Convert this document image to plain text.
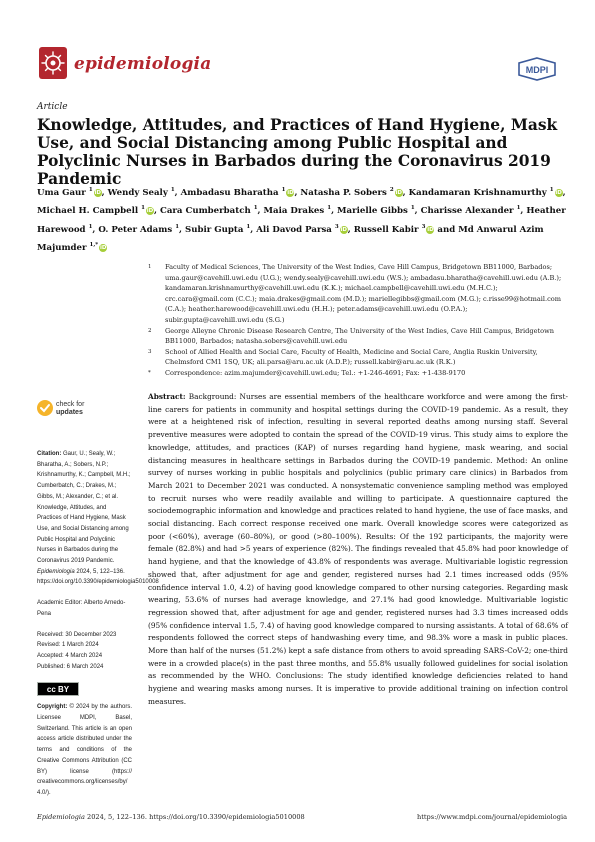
epidemiologia	MDPI
Article
Knowledge, Attitudes, and Practices of Hand Hygiene, Mask Use, and Social Distancing among Public Hospital and Polyclinic Nurses in Barbados during the Coronavirus 2019 Pandemic
Uma Gaur $^1$ iD, Wendy Sealy $^1$, Ambadasu Bharatha $^1$ iD, Natasha P. Sobers $^2$ iD, Kandamaran Krishnamurthy $^1$ iD, Michael H. Campbell $^1$ iD, Cara Cumberbatch $^1$, Maia Drakes $^1$, Marielle Gibbs $^1$, Charisse Alexander $^1$, Heather Harewood $^1$, O. Peter Adams $^1$, Subir Gupta $^1$, Ali Davod Parsa $^3$ iD, Russell Kabir $^3$ iD and Md Anwarul Azim Majumder $^{1,*}$ iD
1 Faculty of Medical Sciences, The University of the West Indies, Cave Hill Campus, Bridgetown BB11000, Barbados; uma.gaur@cavehill.uwi.edu (U.G.); wendy.sealy@cavehill.uwi.edu (W.S.); ambadasu.bharatha@cavehill.uwi.edu (A.B.); kandamaran.krishnamurthy@cavehill.uwi.edu (K.K.); michael.campbell@cavehill.uwi.edu (M.H.C.); crc.cara@gmail.com (C.C.); maia.drakes@gmail.com (M.D.); mariellegibbs@gmail.com (M.G.); c.risse99@hotmail.com (C.A.); heather.harewood@cavehill.uwi.edu (H.H.); peter.adams@cavehill.uwi.edu (O.P.A.); subir.gupta@cavehill.uwi.edu (S.G.)
2 George Alleyne Chronic Disease Research Centre, The University of the West Indies, Cave Hill Campus, Bridgetown BB11000, Barbados; natasha.sobers@cavehill.uwi.edu
3 School of Allied Health and Social Care, Faculty of Health, Medicine and Social Care, Anglia Ruskin University, Chelmsford CM1 1SQ, UK; ali.parsa@aru.ac.uk (A.D.P.); russell.kabir@aru.ac.uk (R.K.)
* Correspondence: azim.majumder@cavehill.uwi.edu; Tel.: +1-246-4691; Fax: +1-438-9170
check for
updates
Citation: Gaur, U.; Sealy, W.; Bharatha, A.; Sobers, N.P.; Krishnamurthy, K.; Campbell, M.H.; Cumberbatch, C.; Drakes, M.; Gibbs, M.; Alexander, C.; et al. Knowledge, Attitudes, and Practices of Hand Hygiene, Mask Use, and Social Distancing among Public Hospital and Polyclinic Nurses in Barbados during the Coronavirus 2019 Pandemic. Epidemiologia 2024, 5, 122–136. https://doi.org/10.3390/epidemiologia5010008
Academic Editor: Alberto Arnedo-Pena
Received: 30 December 2023
Revised: 1 March 2024
Accepted: 4 March 2024
Published: 6 March 2024
cc BY
Copyright: © 2024 by the authors. Licensee MDPI, Basel, Switzerland. This article is an open access article distributed under the terms and conditions of the Creative Commons Attribution (CC BY) license (https:// creativecommons.org/licenses/by/ 4.0/).
Abstract: Background: Nurses are essential members of the healthcare workforce and were among the first-line carers for patients in community and hospital settings during the COVID-19 pandemic. As a result, they were at a heightened risk of infection, resulting in several reported deaths among nursing staff. Several preventive measures were adopted to contain the spread of the COVID-19 virus. This study aims to explore the knowledge, attitudes, and practices (KAP) of nurses regarding hand hygiene, mask wearing, and social distancing measures in healthcare settings in Barbados during the COVID-19 pandemic. Method: An online survey of nurses working in public hospitals and polyclinics (public primary care clinics) in Barbados from March 2021 to December 2021 was conducted. A nonsystematic convenience sampling method was employed to recruit nurses who were readily available and willing to participate. A questionnaire captured the sociodemographic information and knowledge and practices related to hand hygiene, the use of face masks, and social distancing. Each correct response received one mark. Overall knowledge scores were categorized as poor (<60%), average (60–80%), or good (>80–100%). Results: Of the 192 participants, the majority were female (82.8%) and had >5 years of experience (82%). The findings revealed that 45.8% had poor knowledge of hand hygiene, and that the knowledge of 43.8% of respondents was average. Multivariable logistic regression showed that, after adjustment for age and gender, registered nurses had 2.1 times increased odds (95% confidence interval 1.0, 4.2) of having good knowledge compared to other nursing categories. Regarding mask wearing, 53.6% of nurses had average knowledge, and 27.1% had good knowledge. Multivariable logistic regression showed that, after adjustment for age and gender, registered nurses had 3.3 times increased odds (95% confidence interval 1.5, 7.4) of having good knowledge compared to nursing assistants. A total of 68.6% of respondents followed the correct steps of handwashing every time, and 98.3% wore a mask in public places. More than half of the nurses (51.2%) kept a safe distance from others to avoid spreading SARS-CoV-2; one-third were in a crowded place(s) in the past three months, and 55.8% usually followed guidelines for social isolation as recommended by the WHO. Conclusions: The study identified knowledge deficiencies related to hand hygiene and wearing masks among nurses. It is imperative to provide additional training on infection control measures.
Epidemiologia 2024, 5, 122–136. https://doi.org/10.3390/epidemiologia5010008	https://www.mdpi.com/journal/epidemiologia
